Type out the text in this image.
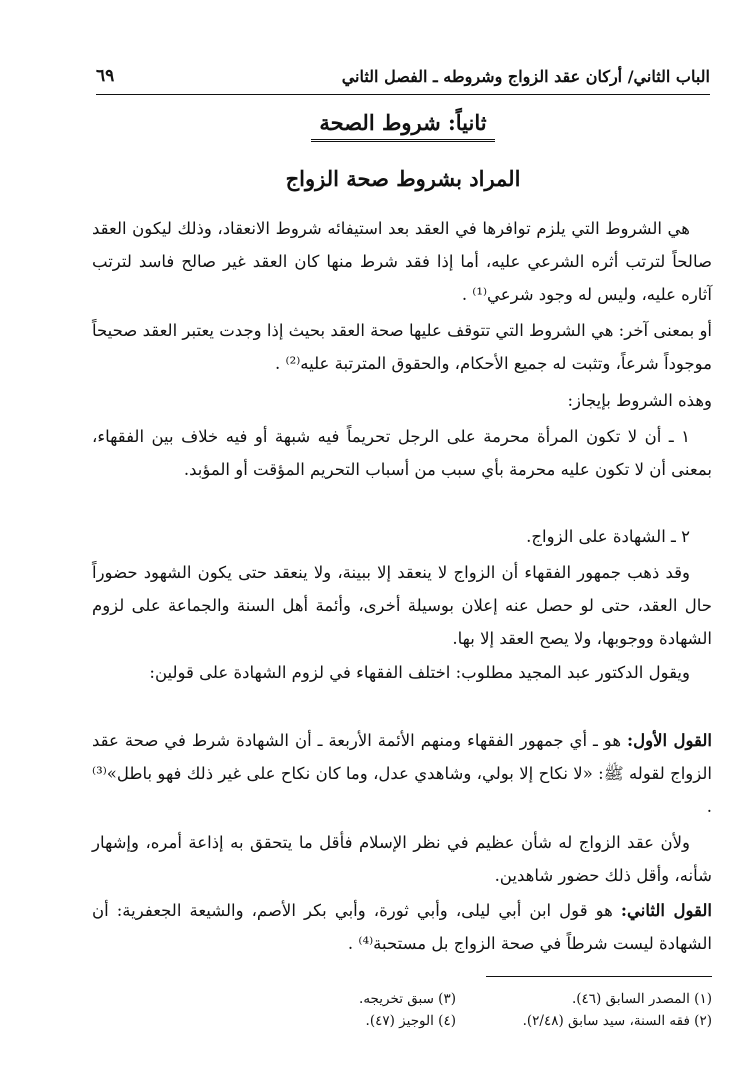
الباب الثاني/ أركان عقد الزواج وشروطه ـ الفصل الثاني
٦٩
ثانياً: شروط الصحة
المراد بشروط صحة الزواج

هي الشروط التي يلزم توافرها في العقد بعد استيفائه شروط الانعقاد، وذلك ليكون العقد صالحاً لترتب أثره الشرعي عليه، أما إذا فقد شرط منها كان العقد غير صالح فاسد لترتب آثاره عليه، وليس له وجود شرعي⁽¹⁾ .

أو بمعنى آخر: هي الشروط التي تتوقف عليها صحة العقد بحيث إذا وجدت يعتبر العقد صحيحاً موجوداً شرعاً، وتثبت له جميع الأحكام، والحقوق المترتبة عليه⁽²⁾ .

وهذه الشروط بإيجاز:

١ ـ أن لا تكون المرأة محرمة على الرجل تحريماً فيه شبهة أو فيه خلاف بين الفقهاء، بمعنى أن لا تكون عليه محرمة بأي سبب من أسباب التحريم المؤقت أو المؤبد.

٢ ـ الشهادة على الزواج.

وقد ذهب جمهور الفقهاء أن الزواج لا ينعقد إلا ببينة، ولا ينعقد حتى يكون الشهود حضوراً حال العقد، حتى لو حصل عنه إعلان بوسيلة أخرى، وأئمة أهل السنة والجماعة على لزوم الشهادة ووجوبها، ولا يصح العقد إلا بها.

ويقول الدكتور عبد المجيد مطلوب: اختلف الفقهاء في لزوم الشهادة على قولين:

القول الأول: هو ـ أي جمهور الفقهاء ومنهم الأئمة الأربعة ـ أن الشهادة شرط في صحة عقد الزواج لقوله ﷺ: «لا نكاح إلا بولي، وشاهدي عدل، وما كان نكاح على غير ذلك فهو باطل»⁽³⁾ .

ولأن عقد الزواج له شأن عظيم في نظر الإسلام فأقل ما يتحقق به إذاعة أمره، وإشهار شأنه، وأقل ذلك حضور شاهدين.

القول الثاني: هو قول ابن أبي ليلى، وأبي ثورة، وأبي بكر الأصم، والشيعة الجعفرية: أن الشهادة ليست شرطاً في صحة الزواج بل مستحبة⁽⁴⁾ .

(١) المصدر السابق (٤٦).
(٣) سبق تخريجه.
(٢) فقه السنة، سيد سابق (٢/٤٨).
(٤) الوجيز (٤٧).
